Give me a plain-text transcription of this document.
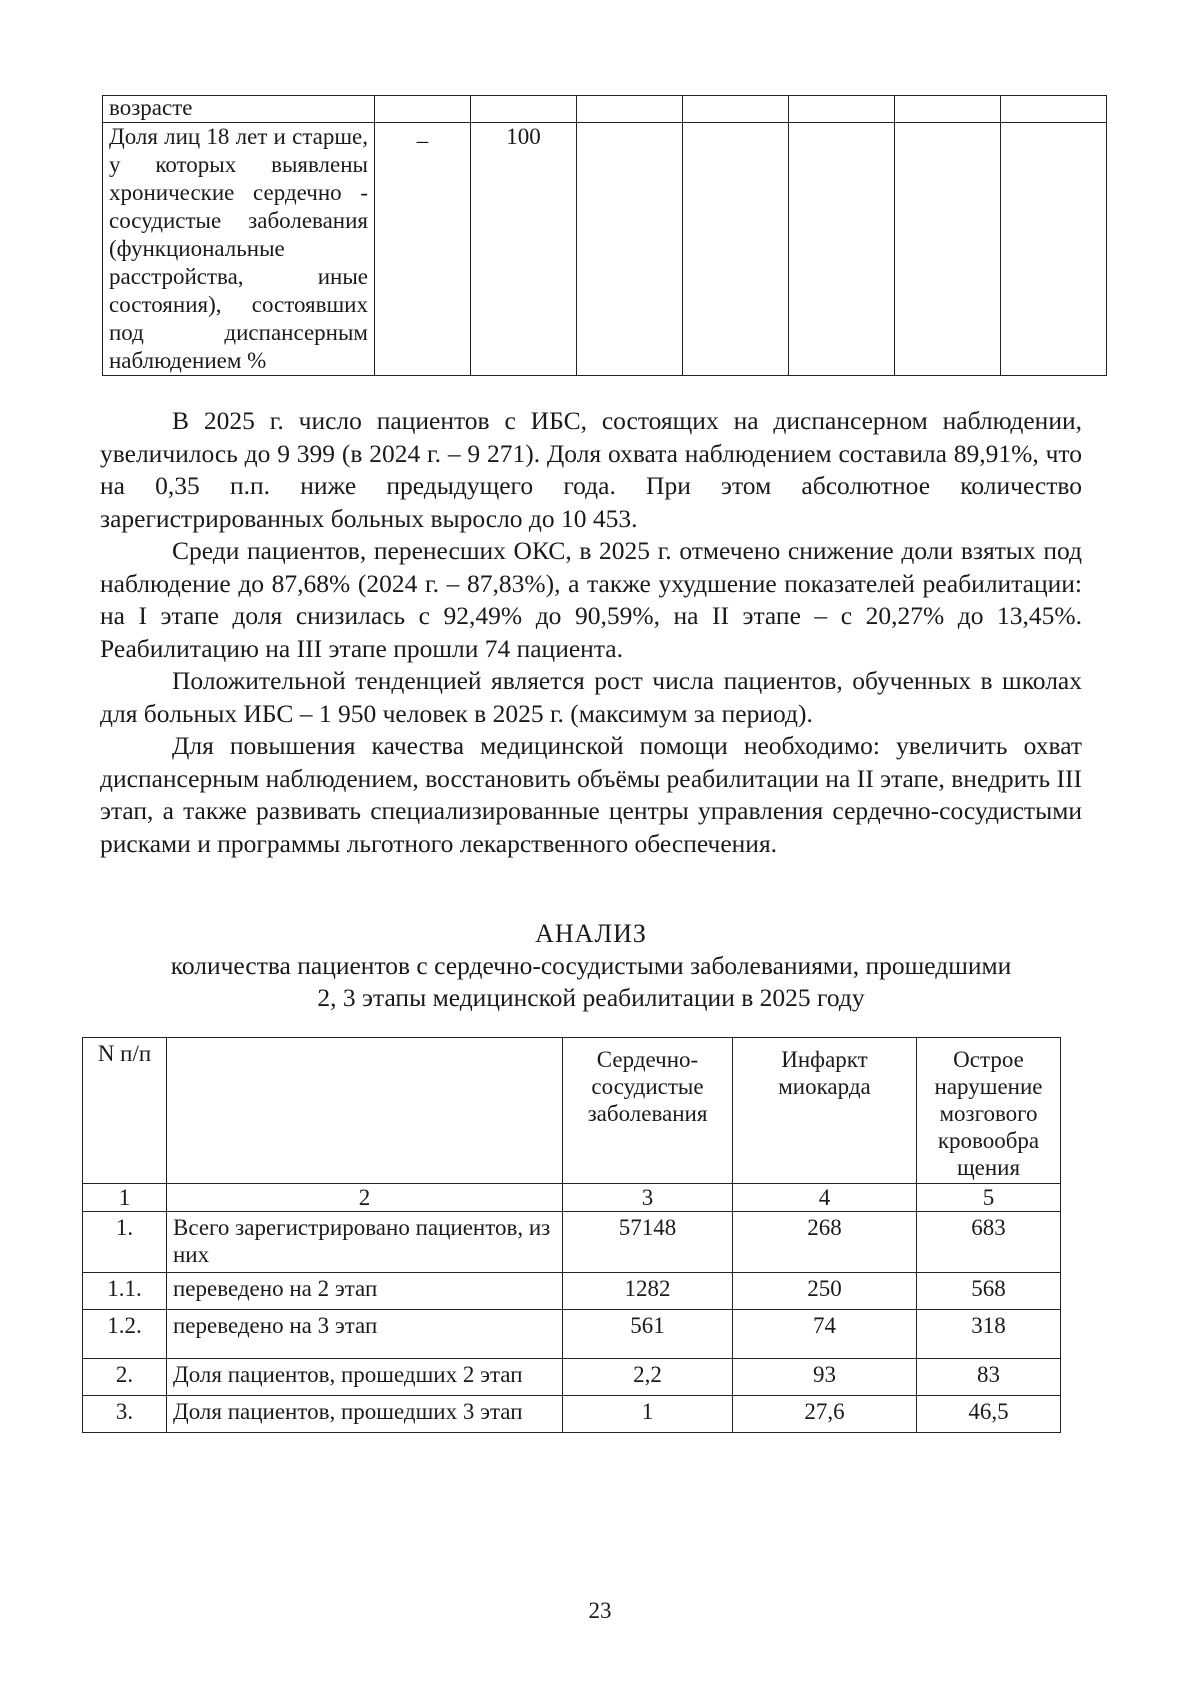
возрасте							
Доля лиц 18 лет и старше, у которых выявлены хронические сердечно - сосудистые заболевания (функциональные расстройства, иные состояния), состоявших под диспансерным наблюдением %	–	100					

В 2025 г. число пациентов с ИБС, состоящих на диспансерном наблюдении, увеличилось до 9 399 (в 2024 г. – 9 271). Доля охвата наблюдением составила 89,91%, что на 0,35 п.п. ниже предыдущего года. При этом абсолютное количество зарегистрированных больных выросло до 10 453.

Среди пациентов, перенесших ОКС, в 2025 г. отмечено снижение доли взятых под наблюдение до 87,68% (2024 г. – 87,83%), а также ухудшение показателей реабилитации: на I этапе доля снизилась с 92,49% до 90,59%, на II этапе – с 20,27% до 13,45%. Реабилитацию на III этапе прошли 74 пациента.

Положительной тенденцией является рост числа пациентов, обученных в школах для больных ИБС – 1 950 человек в 2025 г. (максимум за период).

Для повышения качества медицинской помощи необходимо: увеличить охват диспансерным наблюдением, восстановить объёмы реабилитации на II этапе, внедрить III этап, а также развивать специализированные центры управления сердечно-сосудистыми рисками и программы льготного лекарственного обеспечения.

АНАЛИЗ
количества пациентов с сердечно-сосудистыми заболеваниями, прошедшими
2, 3 этапы медицинской реабилитации в 2025 году
N п/п		Сердечно-сосудистые заболевания	Инфаркт миокарда	Острое нарушение мозгового кровообра щения
1	2	3	4	5
1.	Всего зарегистрировано пациентов, из них	57148	268	683
1.1.	переведено на 2 этап	1282	250	568
1.2.	переведено на 3 этап	561	74	318
2.	Доля пациентов, прошедших 2 этап	2,2	93	83
3.	Доля пациентов, прошедших 3 этап	1	27,6	46,5
23
